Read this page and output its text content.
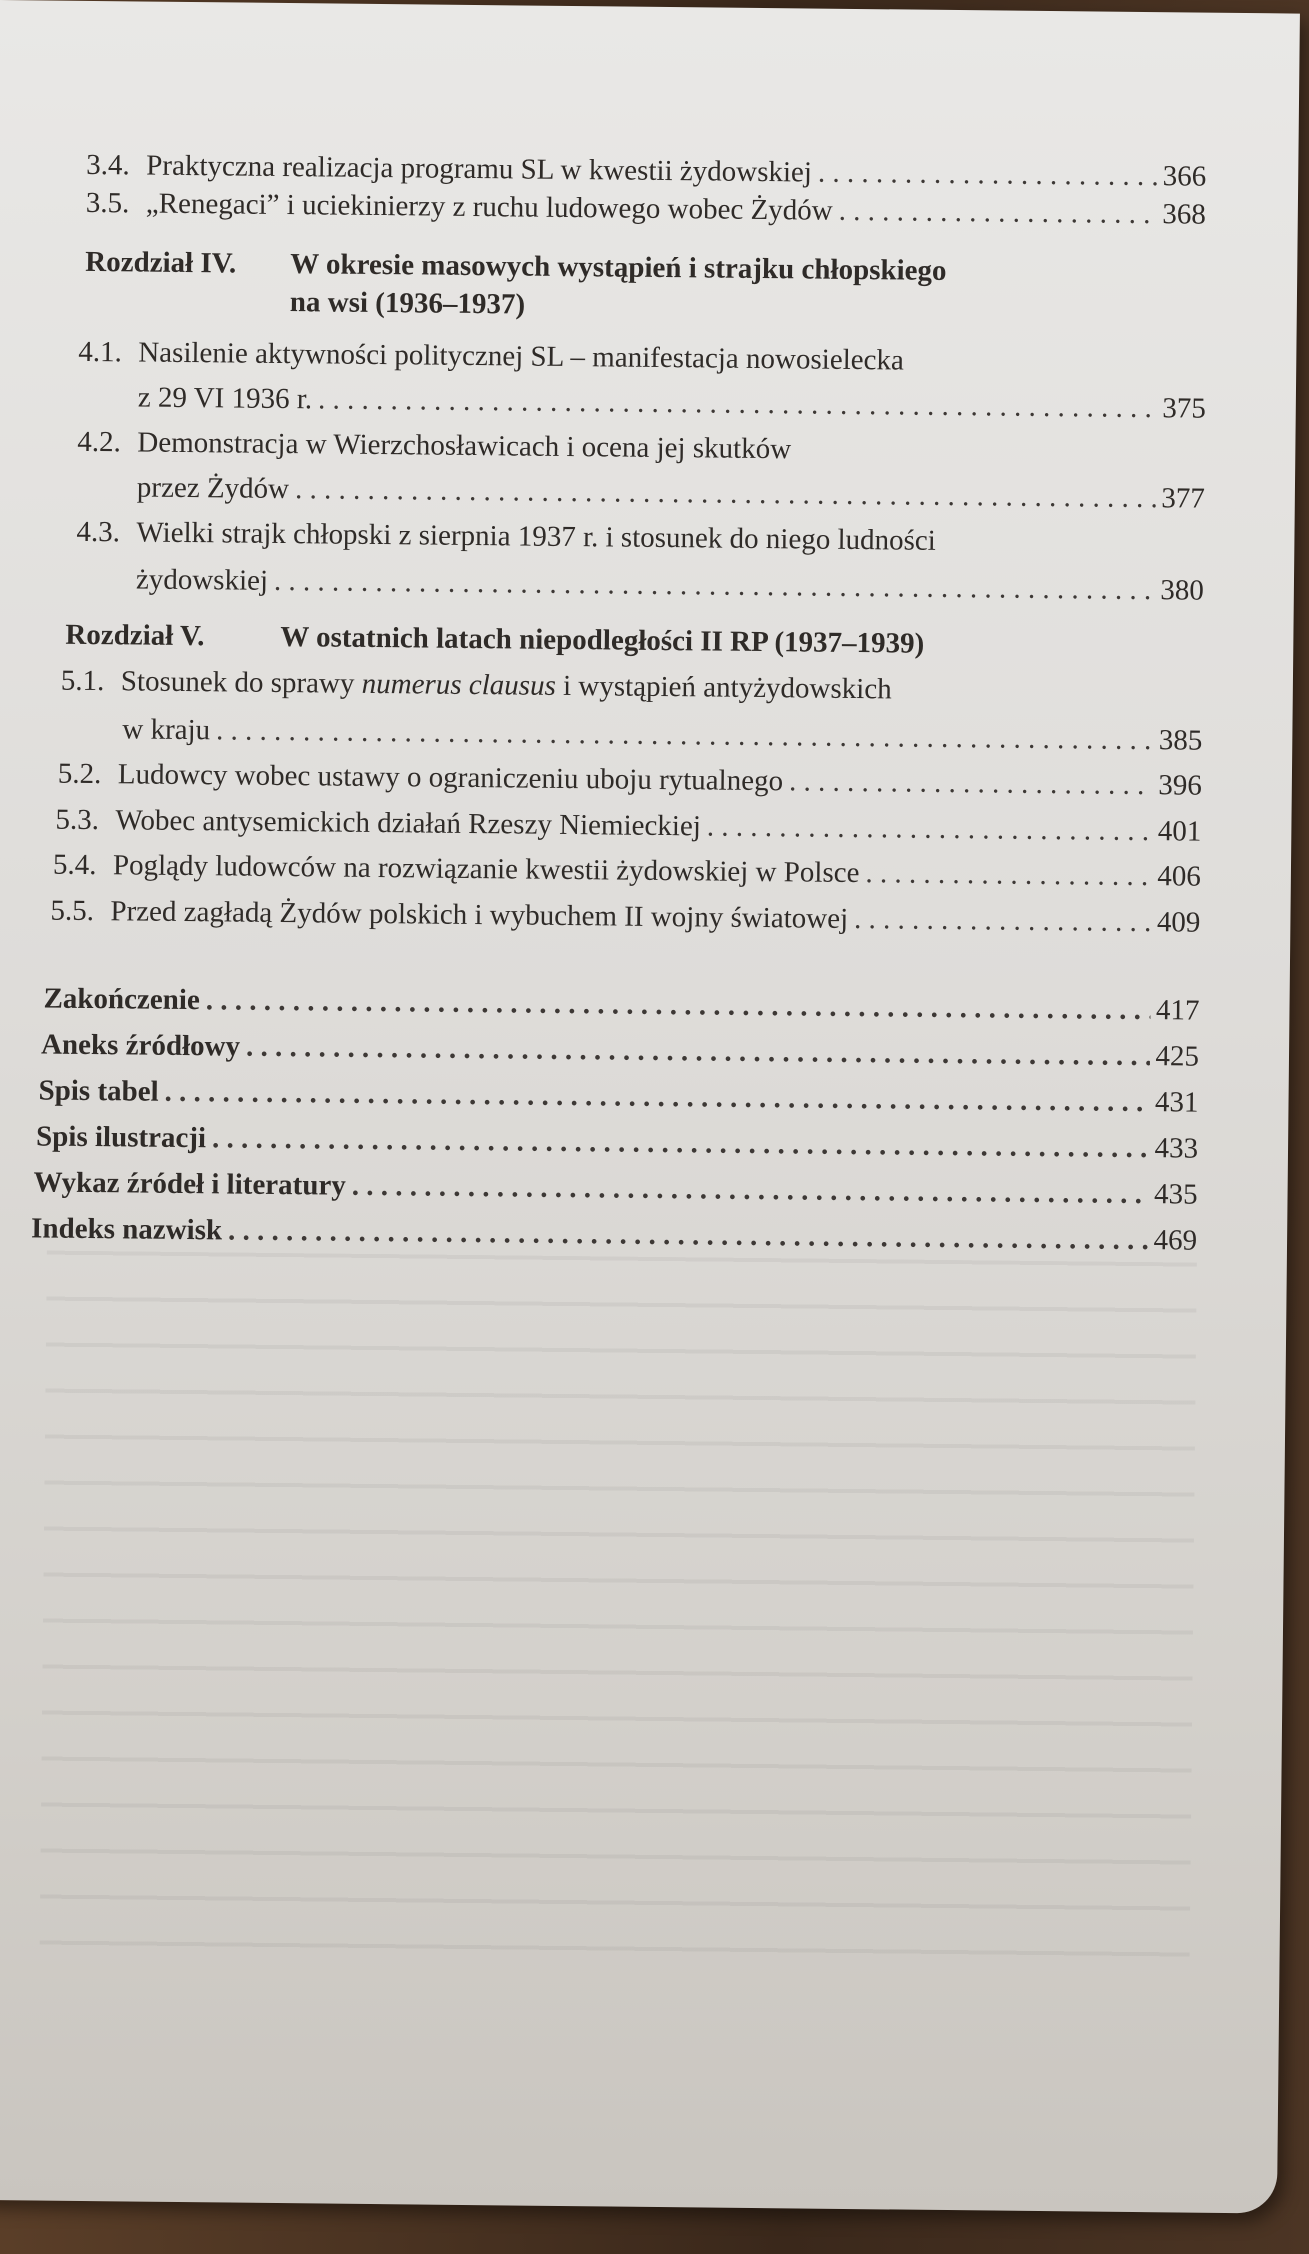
3.4. Praktyczna realizacja programu SL w kwestii żydowskiej . . .	366
3.5. „Renegaci” i uciekinierzy z ruchu ludowego wobec Żydów . . .	368
Rozdział IV. W okresie masowych wystąpień i strajku chłopskiego
na wsi (1936–1937)
4.1. Nasilenie aktywności politycznej SL – manifestacja nowosielecka
z 29 VI 1936 r. . . .	375
4.2. Demonstracja w Wierzchosławicach i ocena jej skutków
przez Żydów . . .	377
4.3. Wielki strajk chłopski z sierpnia 1937 r. i stosunek do niego ludności
żydowskiej . . .	380
Rozdział V.	W ostatnich latach niepodległości II RP (1937–1939)
5.1. Stosunek do sprawy numerus clausus i wystąpień antyżydowskich
w kraju . . .	385
5.2. Ludowcy wobec ustawy o ograniczeniu uboju rytualnego . . .	396
5.3. Wobec antysemickich działań Rzeszy Niemieckiej . . .	401
5.4. Poglądy ludowców na rozwiązanie kwestii żydowskiej w Polsce . . .	406
5.5. Przed zagładą Żydów polskich i wybuchem II wojny światowej . . .	409
Zakończenie . . .	417
Aneks źródłowy . . .	425
Spis tabel . . .	431
Spis ilustracji . . .	433
Wykaz źródeł i literatury . . .	435
Indeks nazwisk . . .	469
